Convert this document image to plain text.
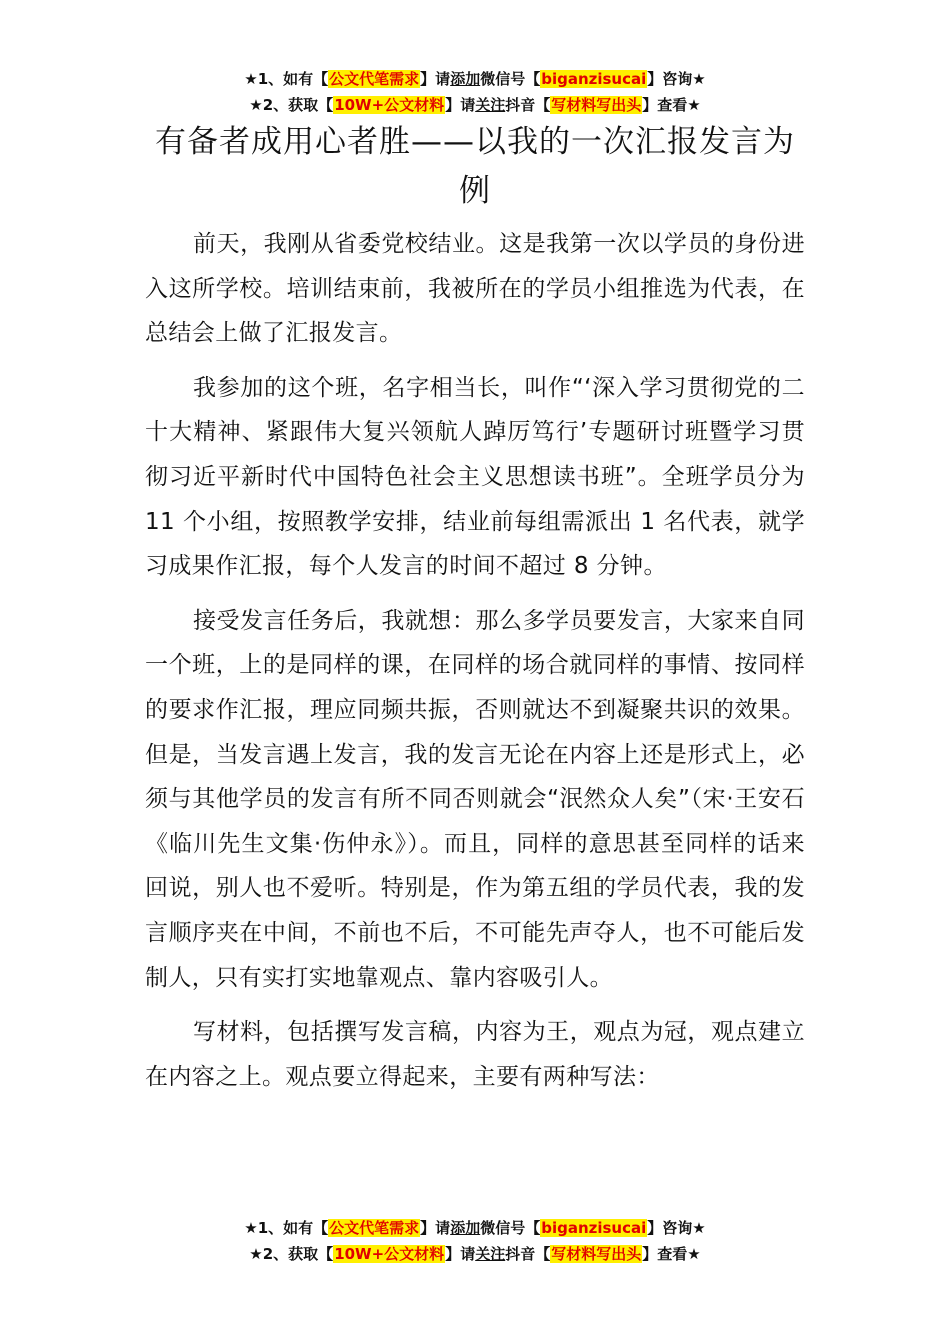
★1、如有【公文代笔需求】请添加微信号【biganzisucai】咨询★
★2、获取【10W+公文材料】请关注抖音【写材料写出头】查看★
有备者成用心者胜——以我的一次汇报发言为例

前天，我刚从省委党校结业。这是我第一次以学员的身份进入这所学校。培训结束前，我被所在的学员小组推选为代表，在总结会上做了汇报发言。

我参加的这个班，名字相当长，叫作“‘深入学习贯彻党的二十大精神、紧跟伟大复兴领航人踔厉笃行’专题研讨班暨学习贯彻习近平新时代中国特色社会主义思想读书班”。全班学员分为 11 个小组，按照教学安排，结业前每组需派出 1 名代表，就学习成果作汇报，每个人发言的时间不超过 8 分钟。

接受发言任务后，我就想：那么多学员要发言，大家来自同一个班，上的是同样的课，在同样的场合就同样的事情、按同样的要求作汇报，理应同频共振，否则就达不到凝聚共识的效果。但是，当发言遇上发言，我的发言无论在内容上还是形式上，必须与其他学员的发言有所不同否则就会“泯然众人矣”（宋·王安石《临川先生文集·伤仲永》）。而且，同样的意思甚至同样的话来回说，别人也不爱听。特别是，作为第五组的学员代表，我的发言顺序夹在中间，不前也不后，不可能先声夺人，也不可能后发制人，只有实打实地靠观点、靠内容吸引人。

写材料，包括撰写发言稿，内容为王，观点为冠，观点建立在内容之上。观点要立得起来，主要有两种写法：

★1、如有【公文代笔需求】请添加微信号【biganzisucai】咨询★
★2、获取【10W+公文材料】请关注抖音【写材料写出头】查看★
